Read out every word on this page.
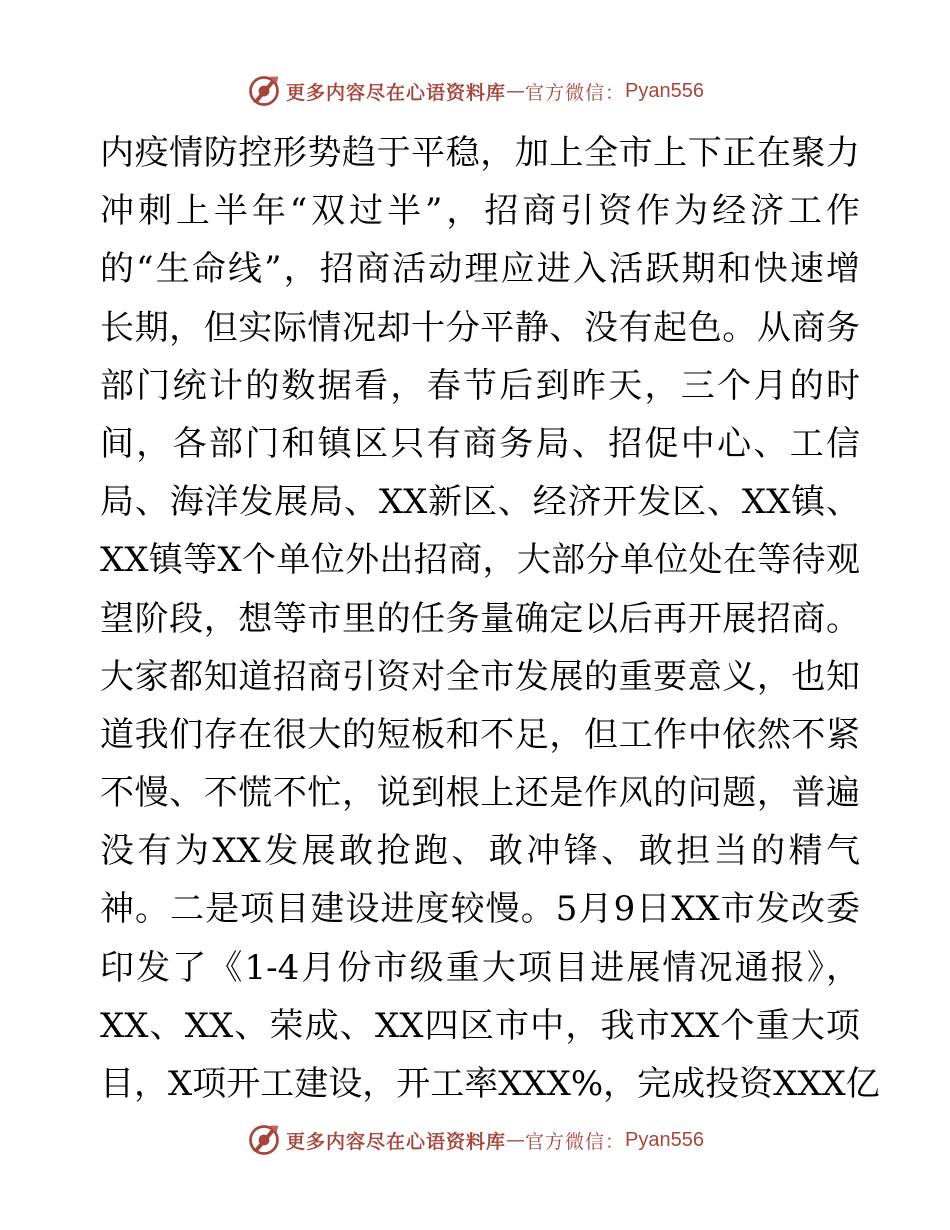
更多内容尽在心语资料库 — 官方微信： Pyan556
内疫情防控形势趋于平稳，加上全市上下正在聚力
冲刺上半年“双过半”，招商引资作为经济工作
的“生命线”，招商活动理应进入活跃期和快速增
长期，但实际情况却十分平静、没有起色。从商务
部门统计的数据看，春节后到昨天，三个月的时
间，各部门和镇区只有商务局、招促中心、工信
局、海洋发展局、XX新区、经济开发区、XX镇、
XX镇等X个单位外出招商，大部分单位处在等待观
望阶段，想等市里的任务量确定以后再开展招商。
大家都知道招商引资对全市发展的重要意义，也知
道我们存在很大的短板和不足，但工作中依然不紧
不慢、不慌不忙，说到根上还是作风的问题，普遍
没有为XX发展敢抢跑、敢冲锋、敢担当的精气
神。二是项目建设进度较慢。5月9日XX市发改委
印发了《1-4月份市级重大项目进展情况通报》，
XX、XX、荣成、XX四区市中，我市XX个重大项
目，X项开工建设，开工率XXX%，完成投资XXX亿
更多内容尽在心语资料库 — 官方微信： Pyan556
